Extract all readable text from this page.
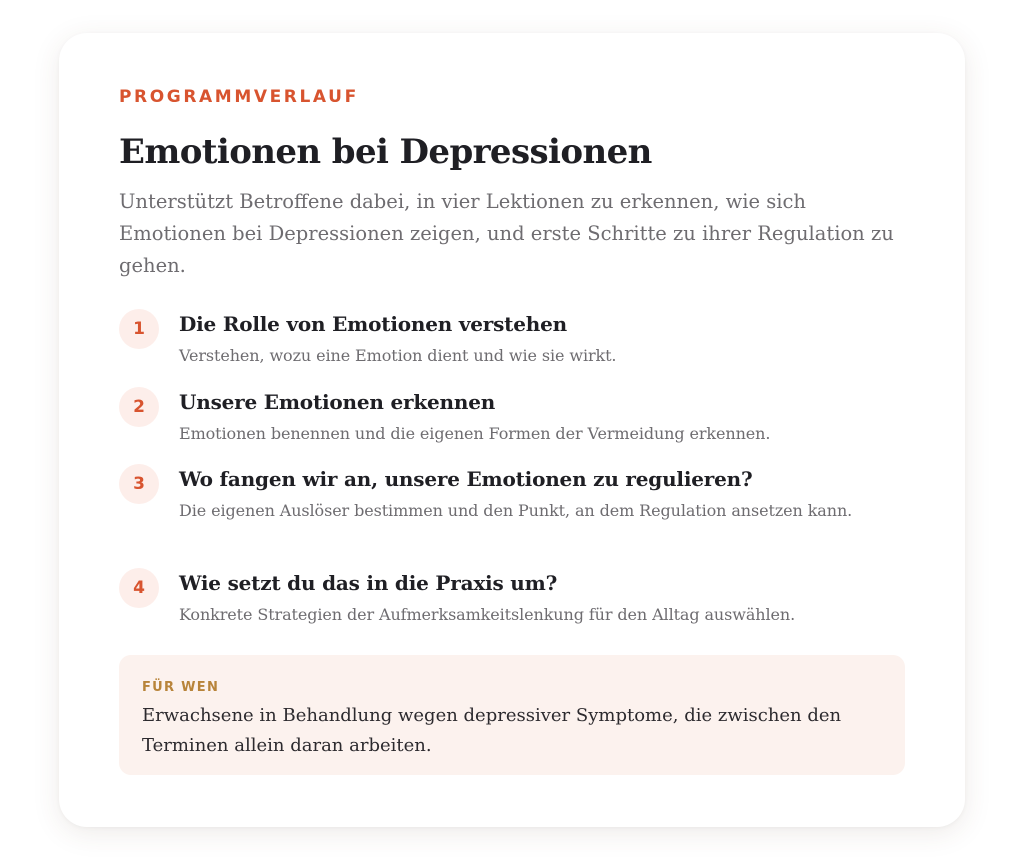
PROGRAMMVERLAUF
Emotionen bei Depressionen

Unterstützt Betroffene dabei, in vier Lektionen zu erkennen, wie sich Emotionen bei Depressionen zeigen, und erste Schritte zu ihrer Regulation zu gehen.

1	Die Rolle von Emotionen verstehen
Verstehen, wozu eine Emotion dient und wie sie wirkt.
2	Unsere Emotionen erkennen
Emotionen benennen und die eigenen Formen der Vermeidung erkennen.
3	Wo fangen wir an, unsere Emotionen zu regulieren?
Die eigenen Auslöser bestimmen und den Punkt, an dem Regulation ansetzen kann.
4	Wie setzt du das in die Praxis um?
Konkrete Strategien der Aufmerksamkeitslenkung für den Alltag auswählen.
FÜR WEN
Erwachsene in Behandlung wegen depressiver Symptome, die zwischen den Terminen allein daran arbeiten.
